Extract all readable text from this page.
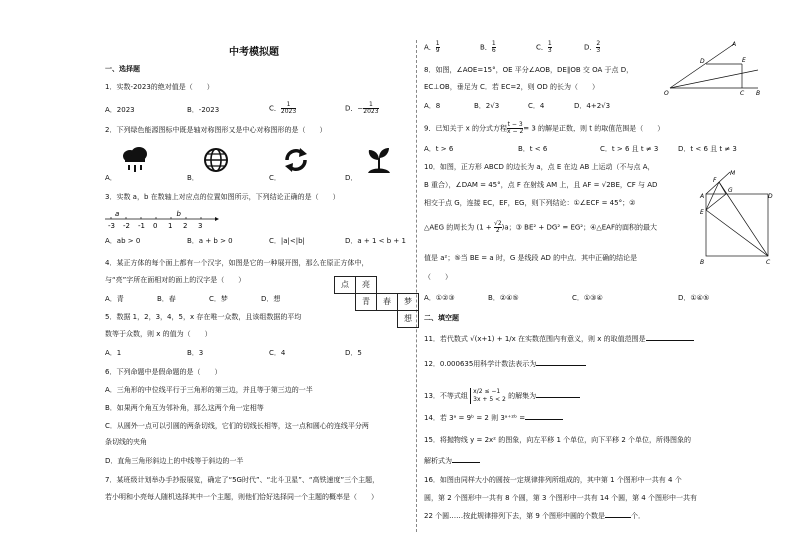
中考模拟题
一、选择题
1．实数-2023的绝对值是（　　）
A．2023	B．-2023	C． $\frac{1}{2023}$	D．− $\frac{1}{2023}$
2．下列绿色能源图标中既是轴对称图形又是中心对称图形的是（　　）
A．	B．	C．	D．
3．实数 a，b 在数轴上对应点的位置如图所示，下列结论正确的是（　　）
-3 -2 -1 0 1 2 3
a	b
A．ab > 0	B．a + b > 0	C．|a|<|b|	D．a + 1 < b + 1
4．某正方体的每个面上都有一个汉字，如图是它的一种展开图，那么在原正方体中，
与“亮”字所在面相对的面上的汉字是（　　）	点	亮
青	春	梦
想
A．青	B．春	C．梦	D．想
5．数据 1，2，3，4，5，x 存在唯一众数，且该组数据的平均
数等于众数，则 x 的值为（　　）
A．1	B．3	C．4	D．5
6．下列命题中是假命题的是（　　）
A．三角形的中位线平行于三角形的第三边，并且等于第三边的一半
B．如果两个角互为邻补角，那么这两个角一定相等
C．从圆外一点可以引圆的两条切线，它们的切线长相等，这一点和圆心的连线平分两
条切线的夹角
D．直角三角形斜边上的中线等于斜边的一半
7．某班级计划举办手抄报展览，确定了“5G时代”、“北斗卫星”、“高铁速度”三个主题，
若小明和小亮每人随机选择其中一个主题，则他们恰好选择同一个主题的概率是（　　）
A． $\frac{1}{9}$	B． $\frac{1}{6}$	C． $\frac{1}{3}$	D． $\frac{2}{3}$
8．如图，∠AOE=15°，OE 平分∠AOB，DE∥OB 交 OA 于点 D，
EC⊥OB，垂足为 C．若 EC=2，则 OD 的长为（　　）
A．8	B．2√3	C．4	D．4+2√3
A
D	E
O	C B
9．已知关于 x 的分式方程 $\frac{t - 3}{x - 2} = 3$ 的解是正数，则 t 的取值范围是（　　）
A．t > 6	B．t < 6	C．t > 6 且 t ≠ 3	D．t < 6 且 t ≠ 3
10．如图，正方形 ABCD 的边长为 a，点 E 在边 AB 上运动（不与点 A，
B 重合），∠DAM = 45°，点 F 在射线 AM 上，且 AF = √2BE，CF 与 AD
相交于点 G，连接 EC，EF，EG，则下列结论：①∠ECF = 45°；②
△AEG 的周长为 $(1 + \frac{√2}{2} )a$；③ BE² + DG² = EG²；④△EAF的面积的最大
值是 a²；⑤当 BE = a 时，G 是线段 AD 的中点．其中正确的结论是
（　　）
A．①②③	B．②④⑤	C．①③④	D．①④⑤
M
F
G
A	D
E
B	C
二、填空题
11．若代数式 √(x+1) + 1/x 在实数范围内有意义，则 x 的取值范围是
12．0.000635用科学计数法表示为
13．不等式组
x/2 ≤ −1
3x + 5 < 2 的解集为
14．若 3ᵃ = 9ᵇ = 2 则 3ᵃ⁺²ᵇ =
15．将抛物线 y = 2x² 的图象，向左平移 1 个单位，向下平移 2 个单位，所得图象的
解析式为
16．如图由同样大小的圆按一定规律排列所组成的，其中第 1 个图形中一共有 4 个
圆，第 2 个图形中一共有 8 个圆，第 3 个图形中一共有 14 个圆，第 4 个图形中一共有
22 个圆……按此规律排列下去，第 9 个图形中圆的个数是	个．
